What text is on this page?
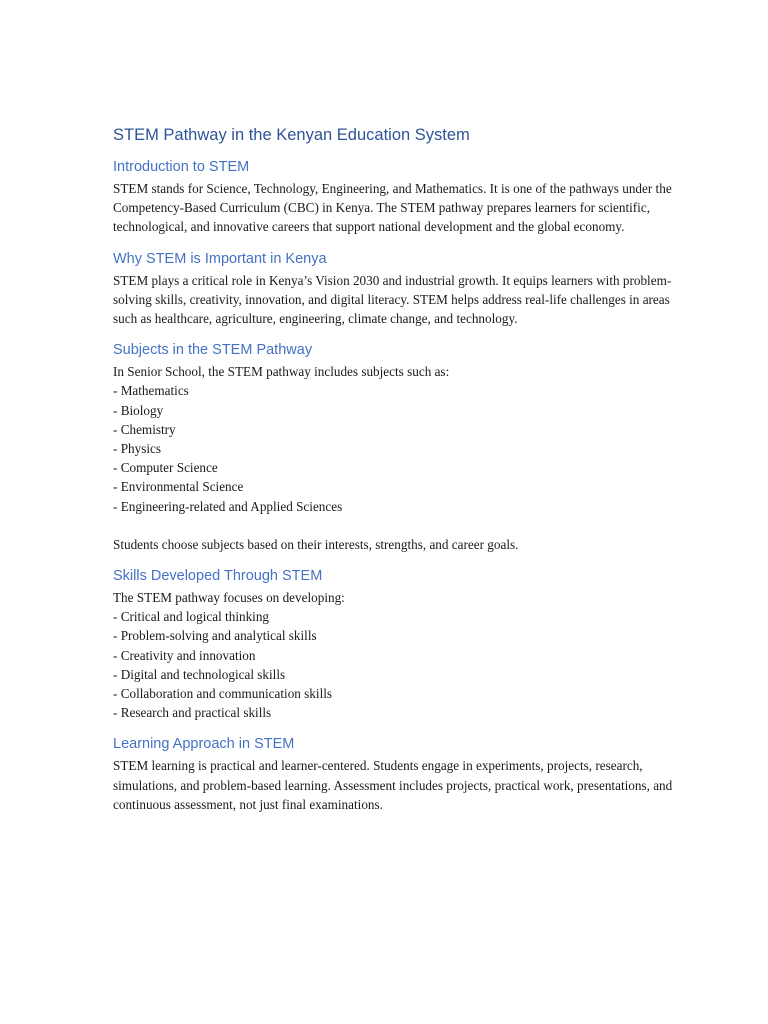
STEM Pathway in the Kenyan Education System
Introduction to STEM

STEM stands for Science, Technology, Engineering, and Mathematics. It is one of the pathways under the Competency-Based Curriculum (CBC) in Kenya. The STEM pathway prepares learners for scientific, technological, and innovative careers that support national development and the global economy.

Why STEM is Important in Kenya

STEM plays a critical role in Kenya’s Vision 2030 and industrial growth. It equips learners with problem-solving skills, creativity, innovation, and digital literacy. STEM helps address real-life challenges in areas such as healthcare, agriculture, engineering, climate change, and technology.

Subjects in the STEM Pathway

In Senior School, the STEM pathway includes subjects such as:

- Mathematics
- Biology
- Chemistry
- Physics
- Computer Science
- Environmental Science
- Engineering-related and Applied Sciences

Students choose subjects based on their interests, strengths, and career goals.

Skills Developed Through STEM

The STEM pathway focuses on developing:

- Critical and logical thinking
- Problem-solving and analytical skills
- Creativity and innovation
- Digital and technological skills
- Collaboration and communication skills
- Research and practical skills
Learning Approach in STEM

STEM learning is practical and learner-centered. Students engage in experiments, projects, research, simulations, and problem-based learning. Assessment includes projects, practical work, presentations, and continuous assessment, not just final examinations.
